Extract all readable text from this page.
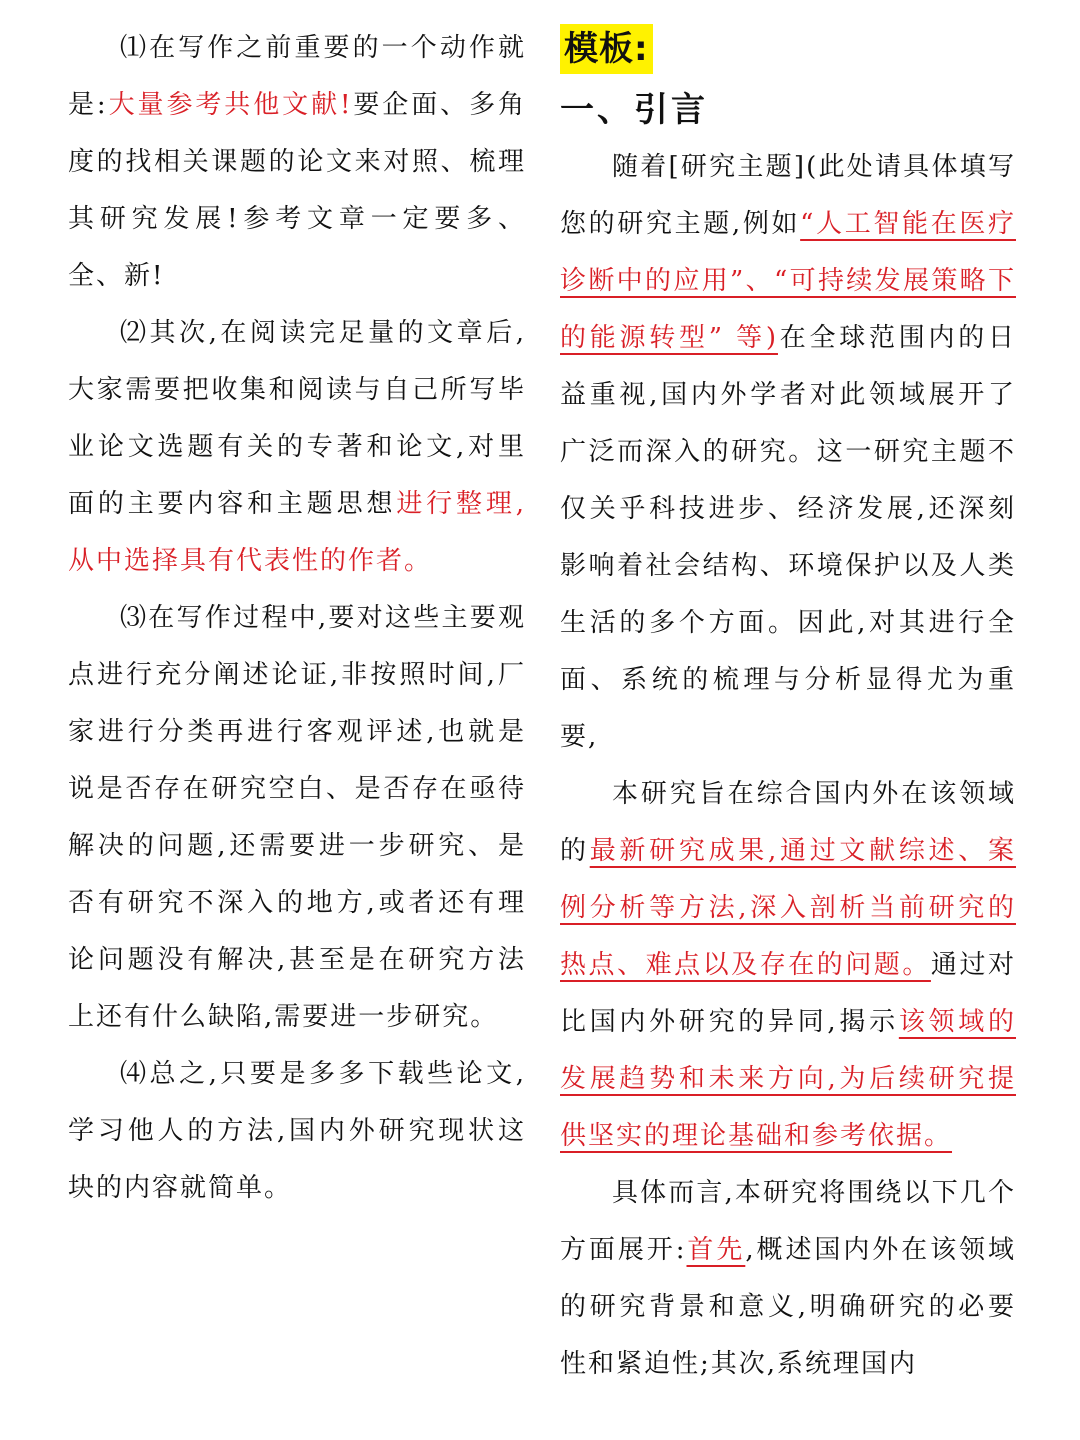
⑴在写作之前重要的一个动作就是:大量参考共他文献!要企面、多角度的找相关课题的论文来对照、梳理其研究发展!参考文章一定要多、全、新!

⑵其次,在阅读完足量的文章后,大家需要把收集和阅读与自己所写毕业论文选题有关的专著和论文,对里面的主要内容和主题思想进行整理,从中选择具有代表性的作者。

⑶在写作过程中,要对这些主要观点进行充分阐述论证,非按照时间,厂家进行分类再进行客观评述,也就是说是否存在研究空白、是否存在亟待解决的问题,还需要进一步研究、是否有研究不深入的地方,或者还有理论问题没有解决,甚至是在研究方法上还有什么缺陷,需要进一步研究。

⑷总之,只要是多多下载些论文,学习他人的方法,国内外研究现状这块的内容就简单。

模板:
一、引言

随着[研究主题](此处请具体填写您的研究主题,例如“人工智能在医疗诊断中的应用”、“可持续发展策略下的能源转型” 等)在全球范围内的日益重视,国内外学者对此领域展开了广泛而深入的研究。这一研究主题不仅关乎科技进步、经济发展,还深刻影响着社会结构、环境保护以及人类生活的多个方面。因此,对其进行全面、系统的梳理与分析显得尤为重要,

本研究旨在综合国内外在该领域的最新研究成果,通过文献综述、案例分析等方法,深入剖析当前研究的热点、难点以及存在的问题。通过对比国内外研究的异同,揭示该领域的发展趋势和未来方向,为后续研究提供坚实的理论基础和参考依据。

具体而言,本研究将围绕以下几个方面展开:首先,概述国内外在该领域的研究背景和意义,明确研究的必要性和紧迫性;其次,系统理国内
